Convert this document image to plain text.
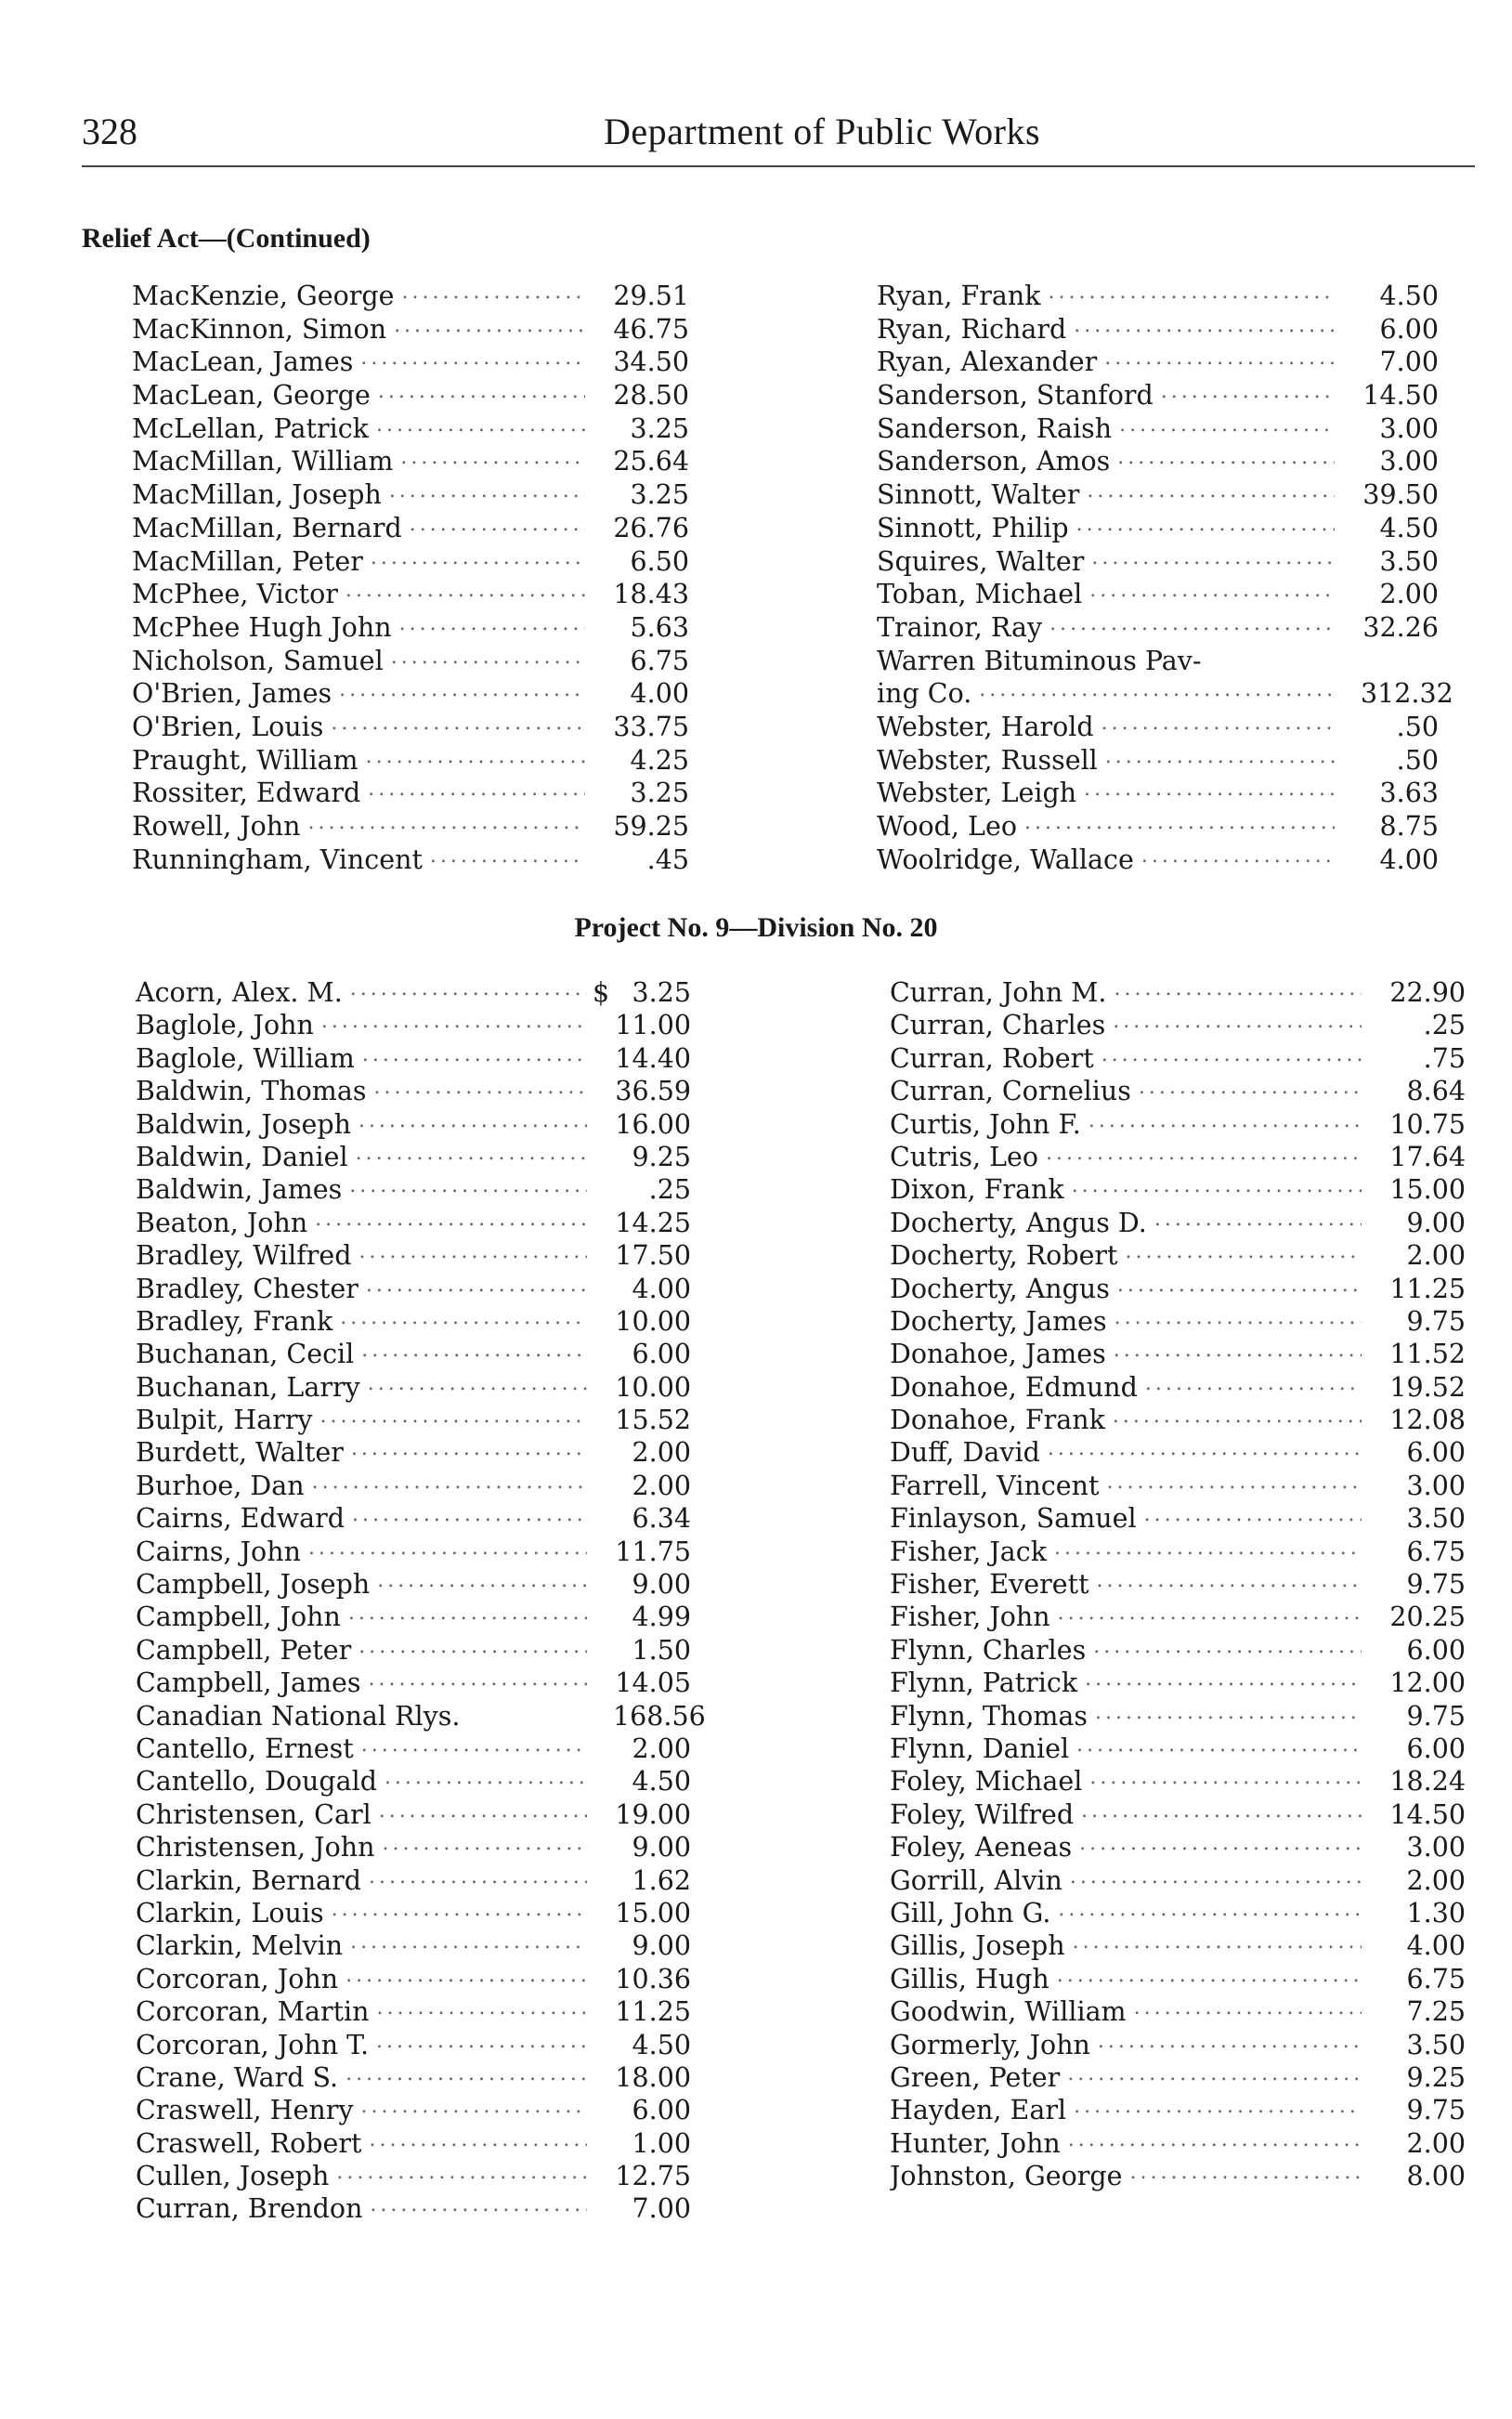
328	Department of Public Works
Relief Act—(Continued)
MacKenzie, George .....	29.51
MacKinnon, Simon .....	46.75
MacLean, James .....	34.50
MacLean, George .....	28.50
McLellan, Patrick .....	3.25
MacMillan, William .....	25.64
MacMillan, Joseph .....	3.25
MacMillan, Bernard .....	26.76
MacMillan, Peter .....	6.50
McPhee, Victor .....	18.43
McPhee Hugh John .....	5.63
Nicholson, Samuel .....	6.75
O'Brien, James .....	4.00
O'Brien, Louis .....	33.75
Praught, William .....	4.25
Rossiter, Edward .....	3.25
Rowell, John .....	59.25
Runningham, Vincent .....	.45
Ryan, Frank .....	4.50
Ryan, Richard .....	6.00
Ryan, Alexander .....	7.00
Sanderson, Stanford .....	14.50
Sanderson, Raish .....	3.00
Sanderson, Amos .....	3.00
Sinnott, Walter .....	39.50
Sinnott, Philip .....	4.50
Squires, Walter .....	3.50
Toban, Michael .....	2.00
Trainor, Ray .....	32.26
Warren Bituminous Pav-
ing Co. .....	312.32
Webster, Harold .....	.50
Webster, Russell .....	.50
Webster, Leigh .....	3.63
Wood, Leo .....	8.75
Woolridge, Wallace .....	4.00
Project No. 9—Division No. 20
Acorn, Alex. M. .....	$ 3.25
Baglole, John .....	11.00
Baglole, William .....	14.40
Baldwin, Thomas .....	36.59
Baldwin, Joseph .....	16.00
Baldwin, Daniel .....	9.25
Baldwin, James .....	.25
Beaton, John .....	14.25
Bradley, Wilfred .....	17.50
Bradley, Chester .....	4.00
Bradley, Frank .....	10.00
Buchanan, Cecil .....	6.00
Buchanan, Larry .....	10.00
Bulpit, Harry .....	15.52
Burdett, Walter .....	2.00
Burhoe, Dan .....	2.00
Cairns, Edward .....	6.34
Cairns, John .....	11.75
Campbell, Joseph .....	9.00
Campbell, John .....	4.99
Campbell, Peter .....	1.50
Campbell, James .....	14.05
Canadian National Rlys.	168.56
Cantello, Ernest .....	2.00
Cantello, Dougald .....	4.50
Christensen, Carl .....	19.00
Christensen, John .....	9.00
Clarkin, Bernard .....	1.62
Clarkin, Louis .....	15.00
Clarkin, Melvin .....	9.00
Corcoran, John .....	10.36
Corcoran, Martin .....	11.25
Corcoran, John T. .....	4.50
Crane, Ward S. .....	18.00
Craswell, Henry .....	6.00
Craswell, Robert .....	1.00
Cullen, Joseph .....	12.75
Curran, Brendon .....	7.00
Curran, John M. .....	22.90
Curran, Charles .....	.25
Curran, Robert .....	.75
Curran, Cornelius .....	8.64
Curtis, John F. .....	10.75
Cutris, Leo .....	17.64
Dixon, Frank .....	15.00
Docherty, Angus D. .....	9.00
Docherty, Robert .....	2.00
Docherty, Angus .....	11.25
Docherty, James .....	9.75
Donahoe, James .....	11.52
Donahoe, Edmund .....	19.52
Donahoe, Frank .....	12.08
Duff, David .....	6.00
Farrell, Vincent .....	3.00
Finlayson, Samuel .....	3.50
Fisher, Jack .....	6.75
Fisher, Everett .....	9.75
Fisher, John .....	20.25
Flynn, Charles .....	6.00
Flynn, Patrick .....	12.00
Flynn, Thomas .....	9.75
Flynn, Daniel .....	6.00
Foley, Michael .....	18.24
Foley, Wilfred .....	14.50
Foley, Aeneas .....	3.00
Gorrill, Alvin .....	2.00
Gill, John G. .....	1.30
Gillis, Joseph .....	4.00
Gillis, Hugh .....	6.75
Goodwin, William .....	7.25
Gormerly, John .....	3.50
Green, Peter .....	9.25
Hayden, Earl .....	9.75
Hunter, John .....	2.00
Johnston, George .....	8.00
